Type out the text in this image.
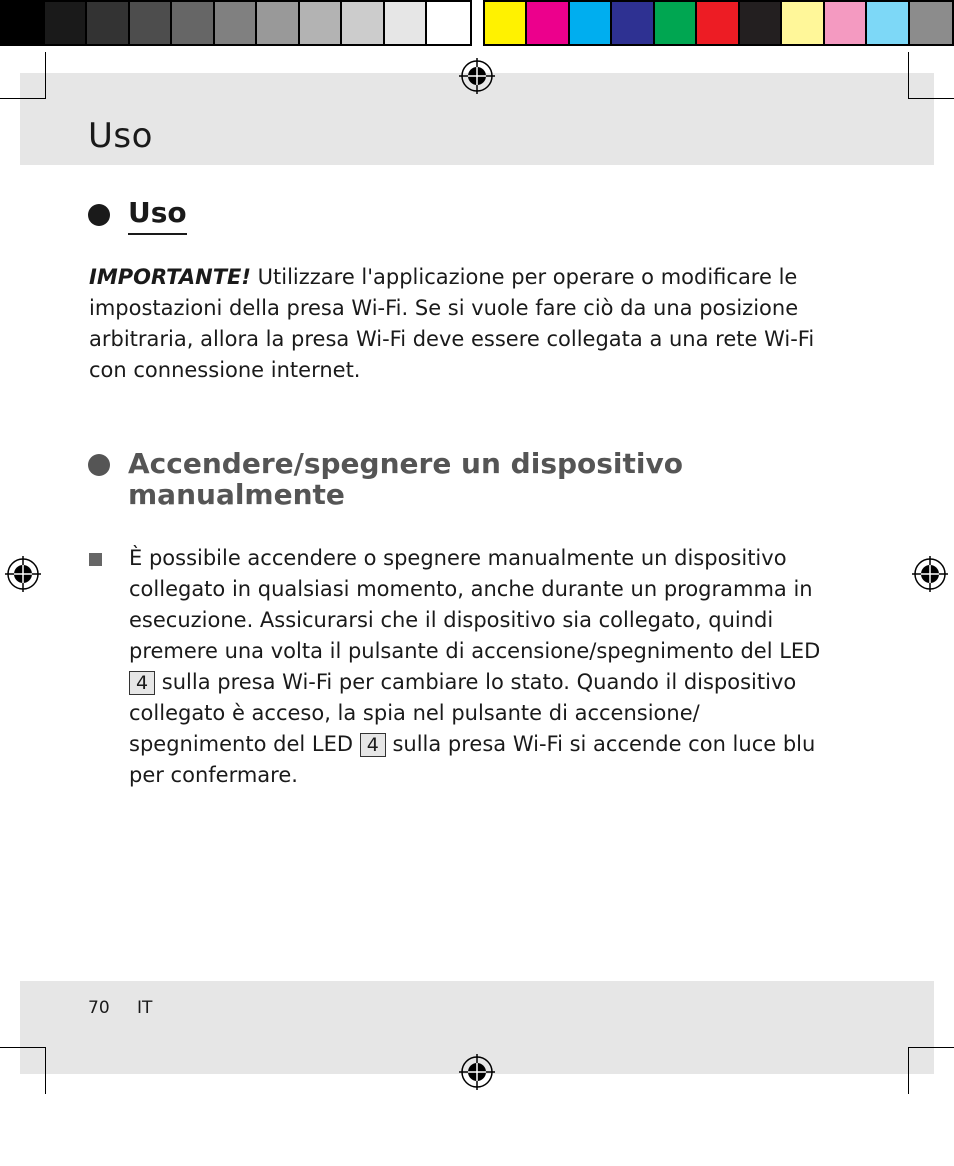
Uso
Uso

IMPORTANTE! Utilizzare l'applicazione per operare o modificare le impostazioni della presa Wi-Fi. Se si vuole fare ciò da una posizione arbitraria, allora la presa Wi-Fi deve essere collegata a una rete Wi-Fi con connessione internet.

Accendere/spegnere un dispositivo manualmente

È possibile accendere o spegnere manualmente un dispositivo collegato in qualsiasi momento, anche durante un programma in esecuzione. Assicurarsi che il dispositivo sia collegato, quindi premere una volta il pulsante di accensione/spegnimento del LED 4 sulla presa Wi-Fi per cambiare lo stato. Quando il dispositivo collegato è acceso, la spia nel pulsante di accensione/ spegnimento del LED 4 sulla presa Wi-Fi si accende con luce blu per confermare.

70 IT
